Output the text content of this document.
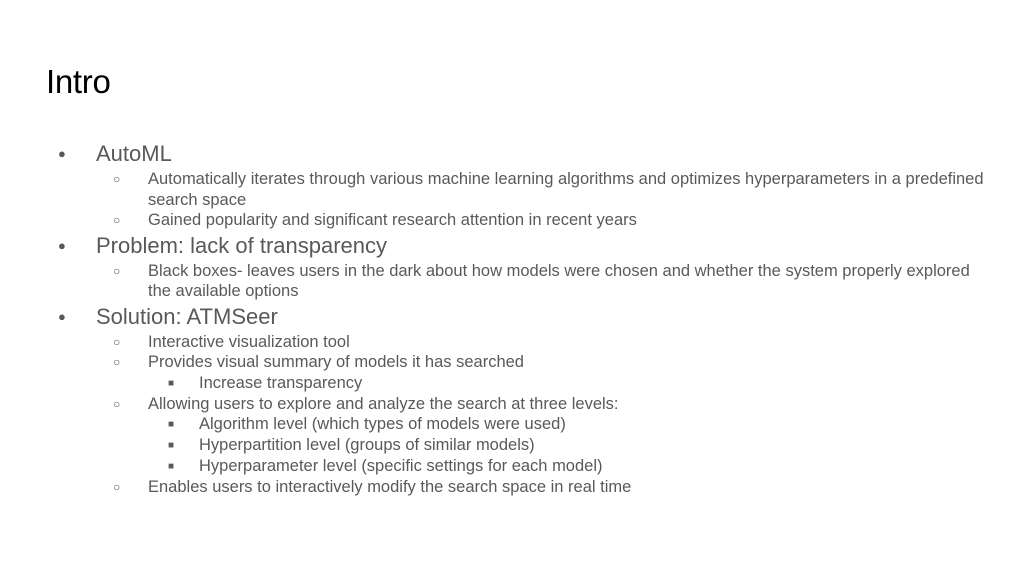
Intro
● AutoML
○ Automatically iterates through various machine learning algorithms and optimizes hyperparameters in a predefined search space
○ Gained popularity and significant research attention in recent years
● Problem: lack of transparency
○ Black boxes- leaves users in the dark about how models were chosen and whether the system properly explored the available options
● Solution: ATMSeer
○ Interactive visualization tool
○ Provides visual summary of models it has searched
■ Increase transparency
○ Allowing users to explore and analyze the search at three levels:
■ Algorithm level (which types of models were used)
■ Hyperpartition level (groups of similar models)
■ Hyperparameter level (specific settings for each model)
○ Enables users to interactively modify the search space in real time
